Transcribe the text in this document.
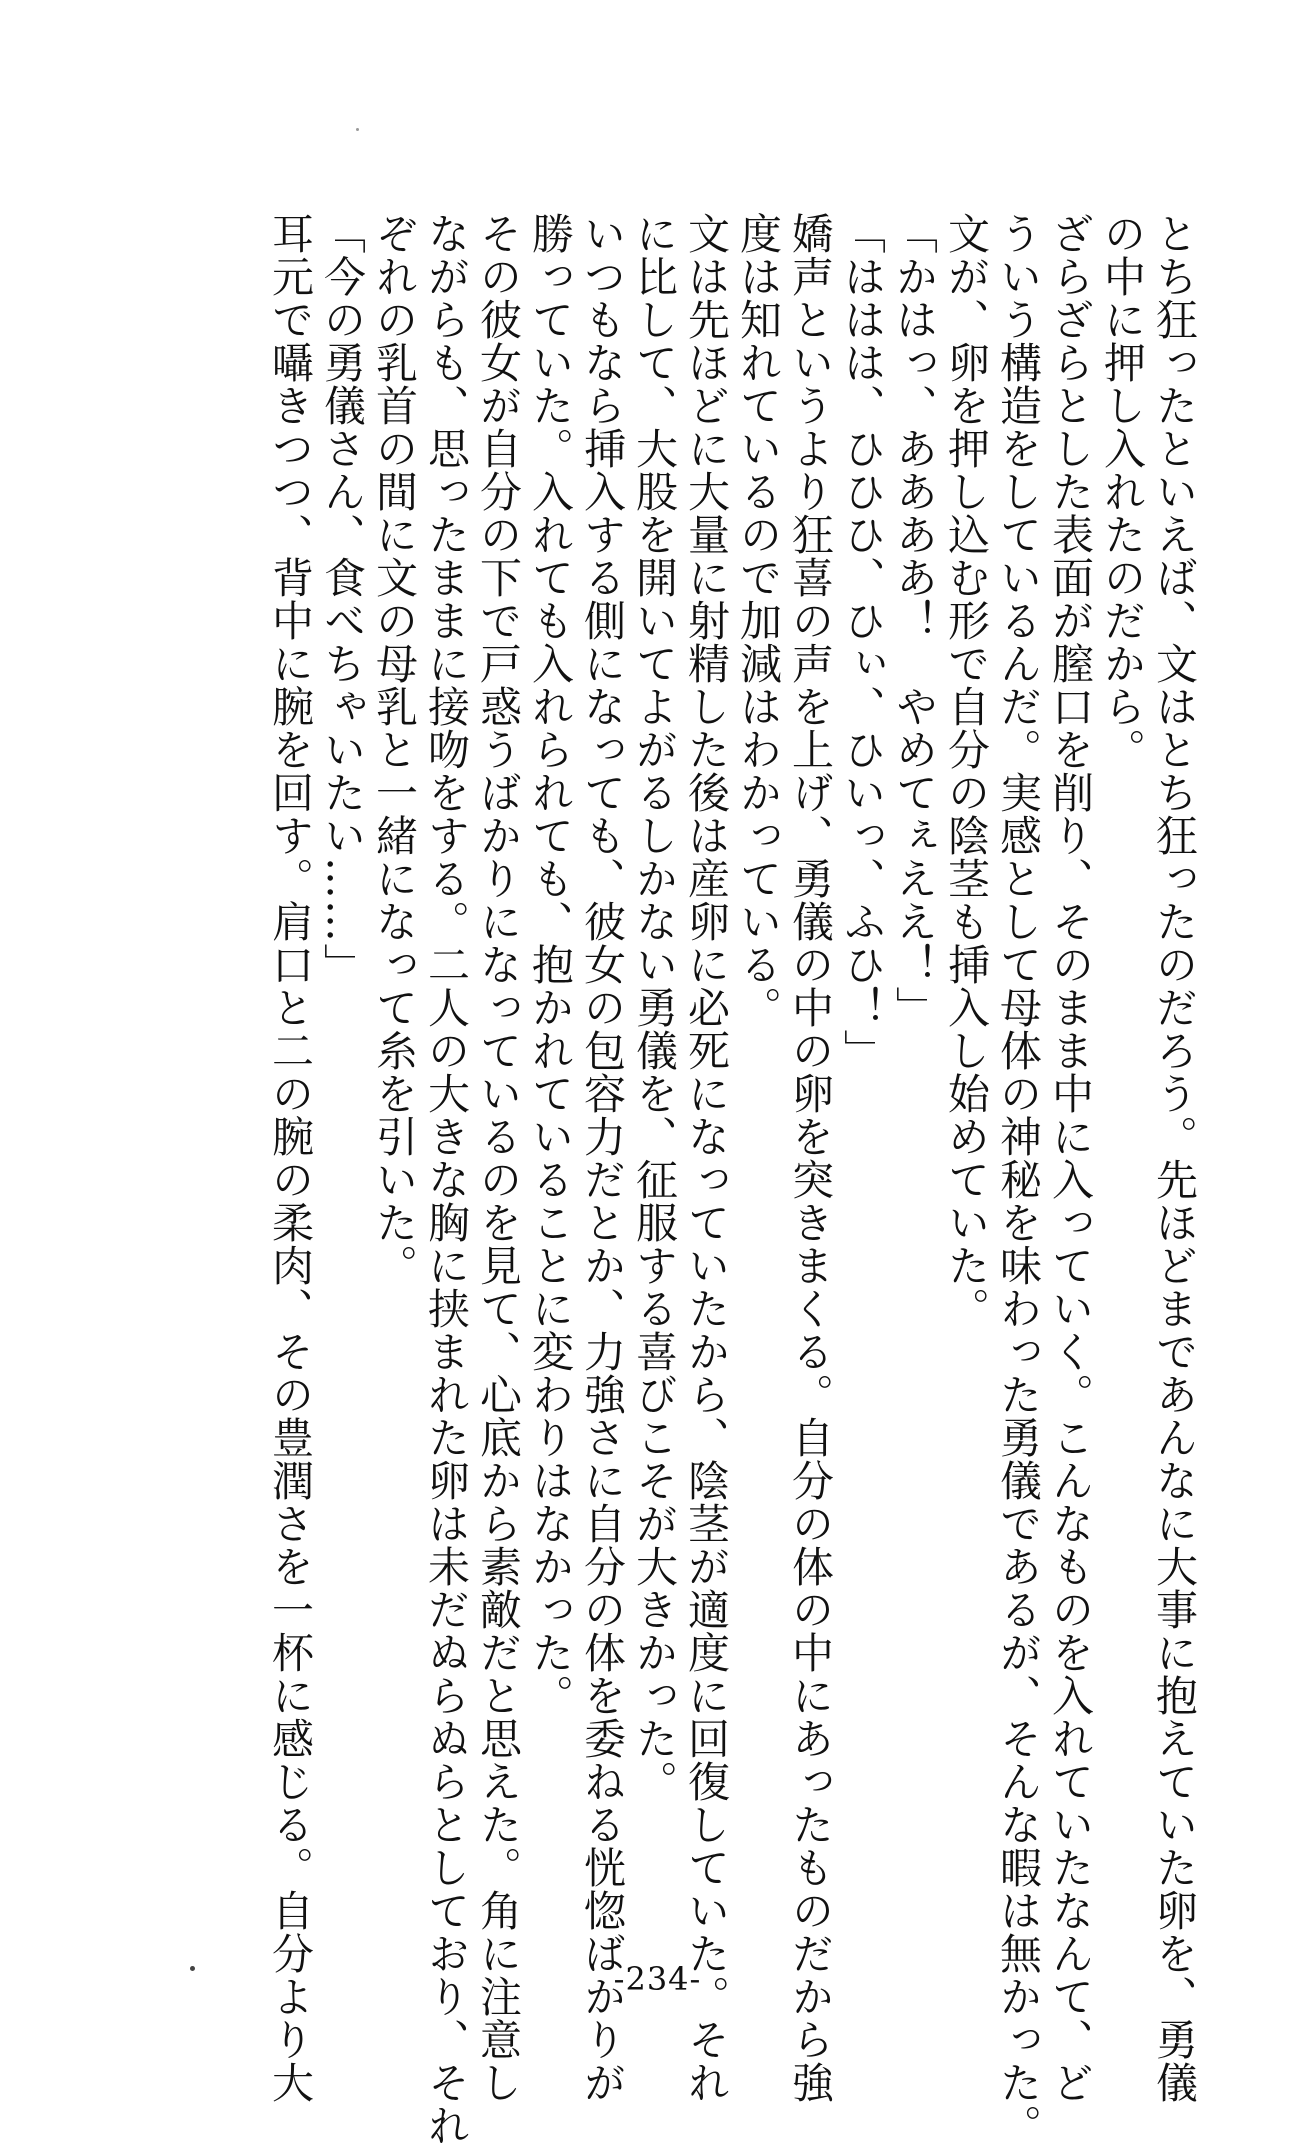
とち狂ったといえば、文はとち狂ったのだろう。先ほどまであんなに大事に抱えていた卵を、勇儀
の中に押し入れたのだから。
ざらざらとした表面が膣口を削り、そのまま中に入っていく。こんなものを入れていたなんて、ど
ういう構造をしているんだ。実感として母体の神秘を味わった勇儀であるが、そんな暇は無かった。
文が、卵を押し込む形で自分の陰茎も挿入し始めていた。
「かはっ、ああああ！　やめてぇええ！」
「ははは、ひひひ、ひぃ、ひいっ、ふひ！」
嬌声というより狂喜の声を上げ、勇儀の中の卵を突きまくる。自分の体の中にあったものだから強
度は知れているので加減はわかっている。
文は先ほどに大量に射精した後は産卵に必死になっていたから、陰茎が適度に回復していた。それ
に比して、大股を開いてよがるしかない勇儀を、征服する喜びこそが大きかった。
いつもなら挿入する側になっても、彼女の包容力だとか、力強さに自分の体を委ねる恍惚ばかりが
勝っていた。入れても入れられても、抱かれていることに変わりはなかった。
その彼女が自分の下で戸惑うばかりになっているのを見て、心底から素敵だと思えた。角に注意し
ながらも、思ったままに接吻をする。二人の大きな胸に挟まれた卵は未だぬらぬらとしており、それ
ぞれの乳首の間に文の母乳と一緒になって糸を引いた。
「今の勇儀さん、食べちゃいたい……」
耳元で囁きつつ、背中に腕を回す。肩口と二の腕の柔肉、その豊潤さを一杯に感じる。自分より大	-234-
